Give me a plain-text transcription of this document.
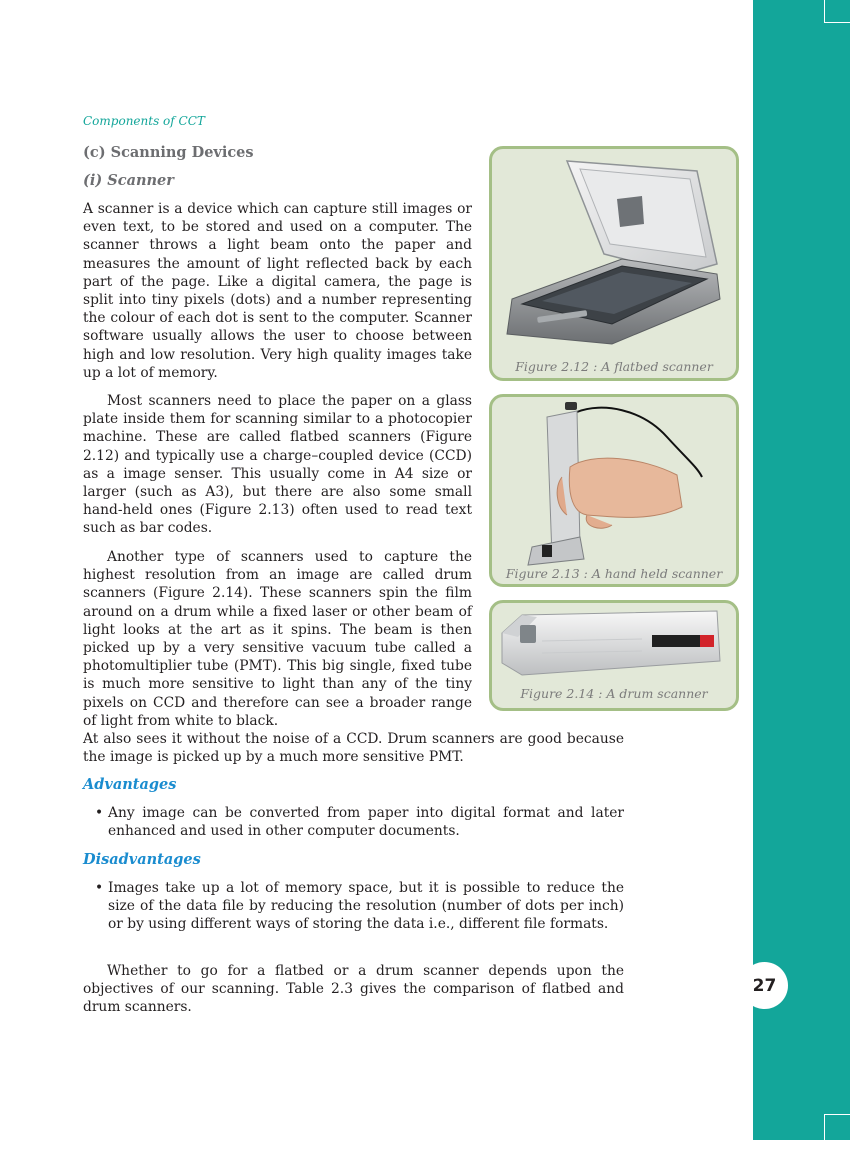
27
Components of CCT
(c) Scanning Devices
(i) Scanner

A scanner is a device which can capture still images or even text, to be stored and used on a computer. The scanner throws a light beam onto the paper and measures the amount of light reflected back by each part of the page. Like a digital camera, the page is split into tiny pixels (dots) and a number representing the colour of each dot is sent to the computer. Scanner software usually allows the user to choose between high and low resolution. Very high quality images take up a lot of memory.

Most scanners need to place the paper on a glass plate inside them for scanning similar to a photocopier machine. These are called flatbed scanners (Figure 2.12) and typically use a charge–coupled device (CCD) as a image senser. This usually come in A4 size or larger (such as A3), but there are also some small hand-held ones (Figure 2.13) often used to read text such as bar codes.

Another type of scanners used to capture the highest resolution from an image are called drum scanners (Figure 2.14). These scanners spin the film around on a drum while a fixed laser or other beam of light looks at the art as it spins. The beam is then picked up by a very sensitive vacuum tube called a photomultiplier tube (PMT). This big single, fixed tube is much more sensitive to light than any of the tiny pixels on CCD and therefore can see a broader range of light from white to black.

At also sees it without the noise of a CCD. Drum scanners are good because the image is picked up by a much more sensitive PMT.

Advantages

• Any image can be converted from paper into digital format and later enhanced and used in other computer documents.

Disadvantages

• Images take up a lot of memory space, but it is possible to reduce the size of the data file by reducing the resolution (number of dots per inch) or by using different ways of storing the data i.e., different file formats.

Whether to go for a flatbed or a drum scanner depends upon the objectives of our scanning. Table 2.3 gives the comparison of flatbed and drum scanners.

Figure 2.12 : A flatbed scanner
Figure 2.13 : A hand held scanner
Figure 2.14 : A drum scanner
